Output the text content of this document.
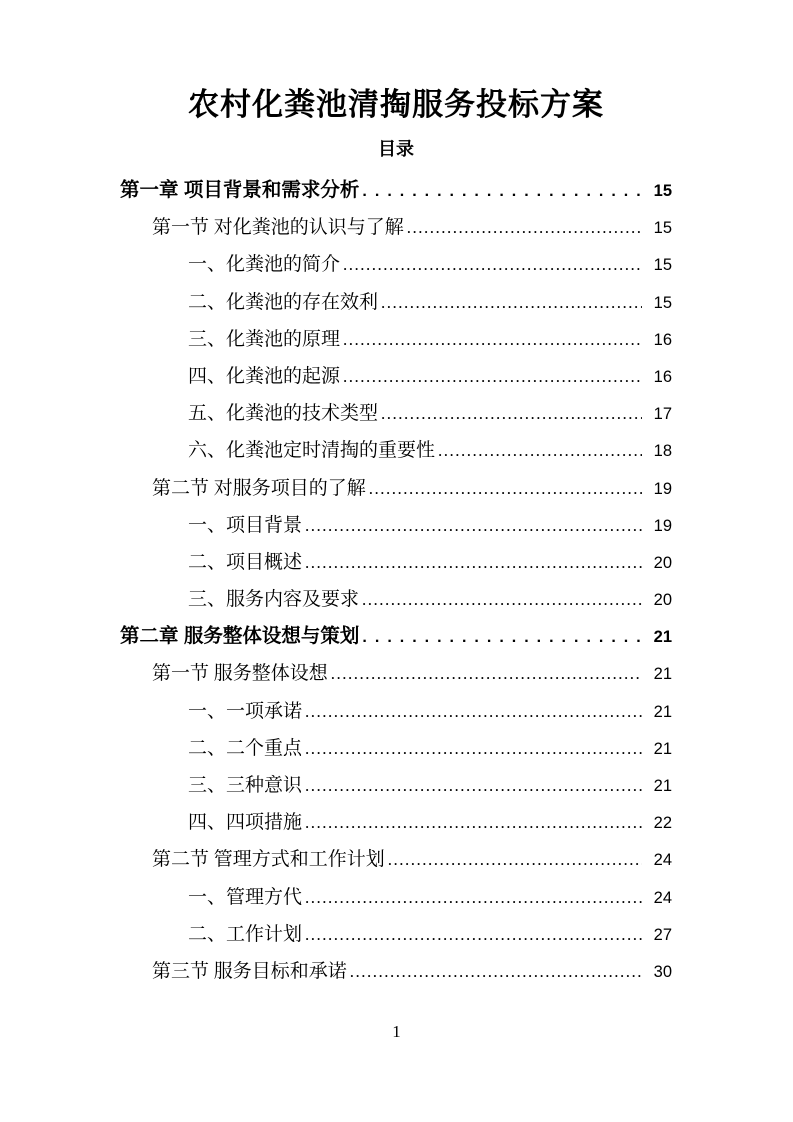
农村化粪池清掏服务投标方案
目录
第一章 项目背景和需求分析 .....	15
第一节 对化粪池的认识与了解 .....	15
一、化粪池的简介 .....	15
二、化粪池的存在效利 .....	15
三、化粪池的原理 .....	16
四、化粪池的起源 .....	16
五、化粪池的技术类型 .....	17
六、化粪池定时清掏的重要性 .....	18
第二节 对服务项目的了解 .....	19
一、项目背景 .....	19
二、项目概述 .....	20
三、服务内容及要求 .....	20
第二章 服务整体设想与策划 .....	21
第一节 服务整体设想 .....	21
一、一项承诺 .....	21
二、二个重点 .....	21
三、三种意识 .....	21
四、四项措施 .....	22
第二节 管理方式和工作计划 .....	24
一、管理方代 .....	24
二、工作计划 .....	27
第三节 服务目标和承诺 .....	30
1
